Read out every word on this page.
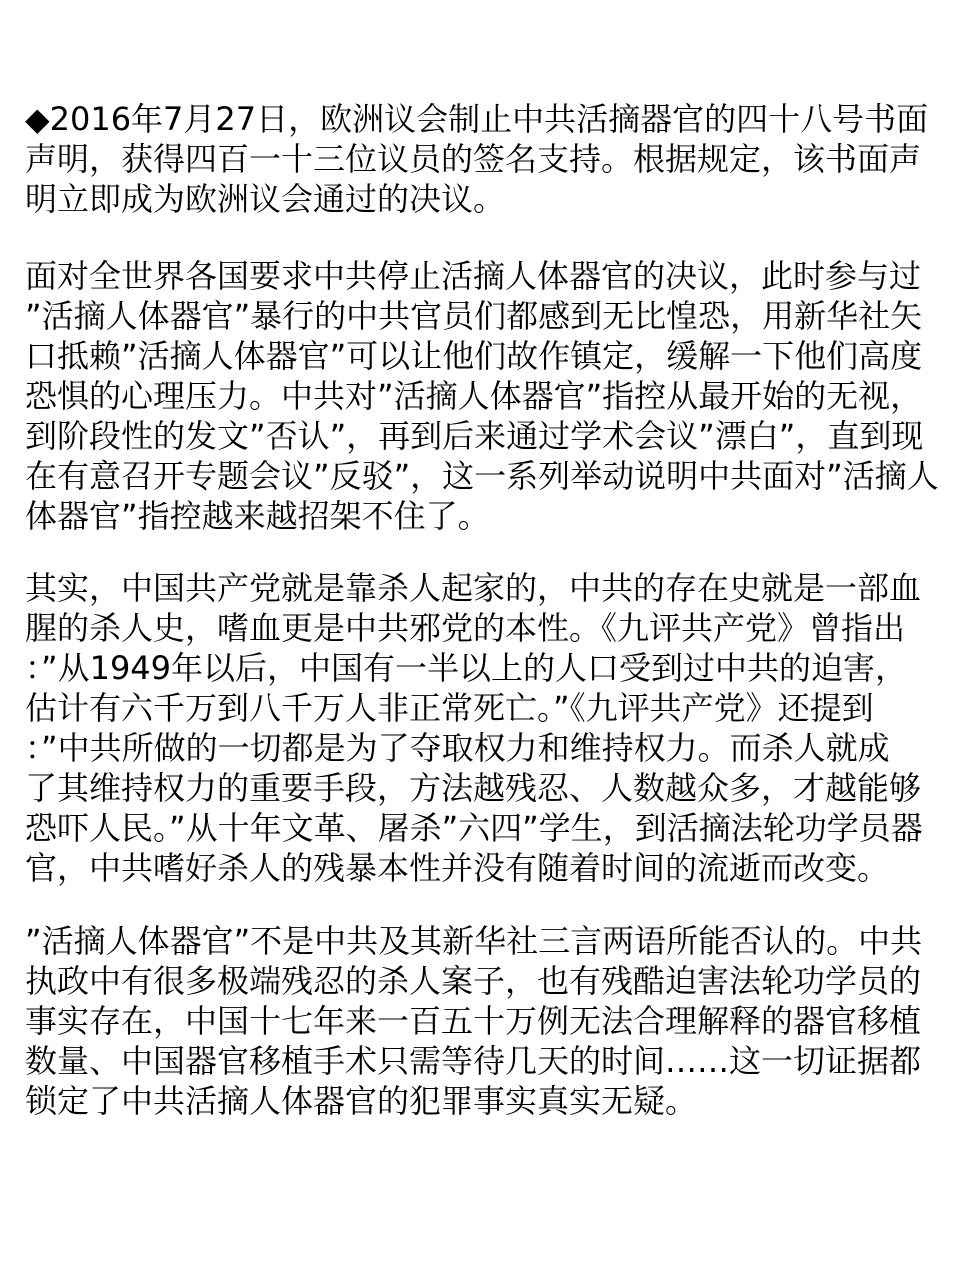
◆2016年7月27日，欧洲议会制止中共活摘器官的四十八号书面
声明，获得四百一十三位议员的签名支持。根据规定，该书面声
明立即成为欧洲议会通过的决议。
面对全世界各国要求中共停止活摘人体器官的决议，此时参与过
”活摘人体器官”暴行的中共官员们都感到无比惶恐，用新华社矢
口抵赖”活摘人体器官”可以让他们故作镇定，缓解一下他们高度
恐惧的心理压力。中共对”活摘人体器官”指控从最开始的无视，
到阶段性的发文”否认”，再到后来通过学术会议”漂白”，直到现
在有意召开专题会议”反驳”，这一系列举动说明中共面对”活摘人
体器官”指控越来越招架不住了。
其实，中国共产党就是靠杀人起家的，中共的存在史就是一部血
腥的杀人史，嗜血更是中共邪党的本性。《九评共产党》曾指出
：”从1949年以后，中国有一半以上的人口受到过中共的迫害，
估计有六千万到八千万人非正常死亡。”《九评共产党》还提到
：”中共所做的一切都是为了夺取权力和维持权力。而杀人就成
了其维持权力的重要手段，方法越残忍、人数越众多，才越能够
恐吓人民。”从十年文革、屠杀”六四”学生，到活摘法轮功学员器
官，中共嗜好杀人的残暴本性并没有随着时间的流逝而改变。
”活摘人体器官”不是中共及其新华社三言两语所能否认的。中共
执政中有很多极端残忍的杀人案子，也有残酷迫害法轮功学员的
事实存在，中国十七年来一百五十万例无法合理解释的器官移植
数量、中国器官移植手术只需等待几天的时间……这一切证据都
锁定了中共活摘人体器官的犯罪事实真实无疑。
